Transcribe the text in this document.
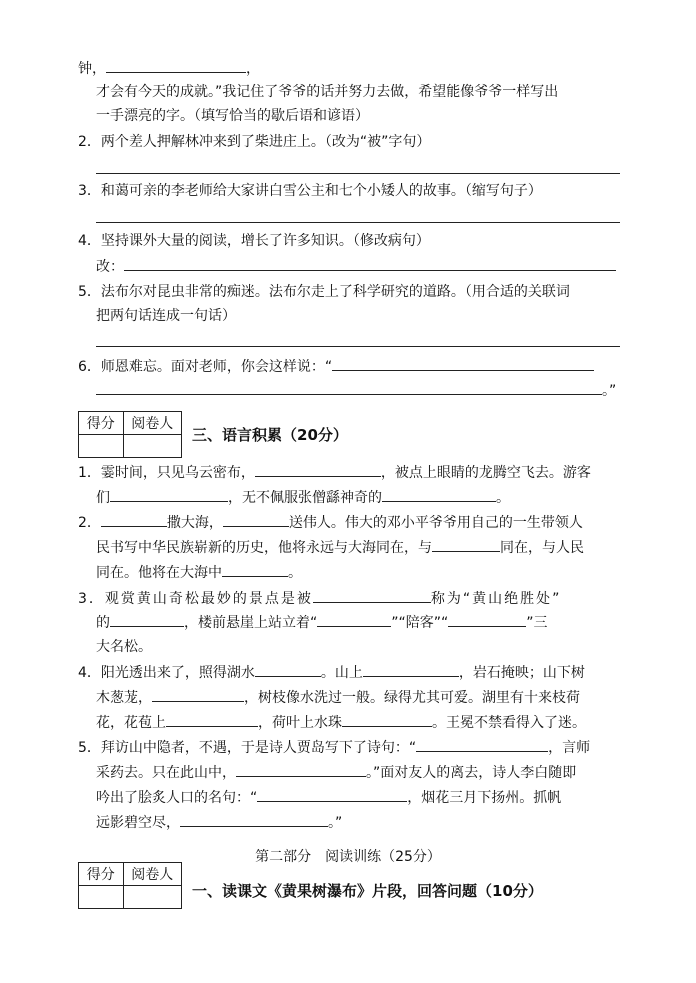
钟，	，
才会有今天的成就。”我记住了爷爷的话并努力去做，希望能像爷爷一样写出
一手漂亮的字。（填写恰当的歇后语和谚语）
2．两个差人押解林冲来到了柴进庄上。（改为“被”字句）
3．和蔼可亲的李老师给大家讲白雪公主和七个小矮人的故事。（缩写句子）
4．坚持课外大量的阅读，增长了许多知识。（修改病句）
改：
5．法布尔对昆虫非常的痴迷。法布尔走上了科学研究的道路。（用合适的关联词
把两句话连成一句话）
6．师恩难忘。面对老师，你会这样说：“
。”
得分	阅卷人

三、语言积累（20分）
1．霎时间，只见乌云密布，	，被点上眼睛的龙腾空飞去。游客
们	，无不佩服张僧繇神奇的	。
2．	撒大海，	送伟人。伟大的邓小平爷爷用自己的一生带领人
民书写中华民族崭新的历史，他将永远与大海同在，与	同在，与人民
同在。他将在大海中	。
3．观赏黄山奇松最妙的景点是被	称为“黄山绝胜处”
的	，楼前悬崖上站立着“	”“陪客”“	”三
大名松。
4．阳光透出来了，照得湖水	。山上	，岩石掩映；山下树
木葱茏，	，树枝像水洗过一般。绿得尤其可爱。湖里有十来枝荷
花，花苞上	，荷叶上水珠	。王冕不禁看得入了迷。
5．拜访山中隐者，不遇，于是诗人贾岛写下了诗句：“	，言师
采药去。只在此山中，	。”面对友人的离去，诗人李白随即
吟出了脍炙人口的名句：“	，烟花三月下扬州。抓帆
远影碧空尽，	。”
第二部分　阅读训练（25分）
得分	阅卷人

一、读课文《黄果树瀑布》片段，回答问题（10分）
